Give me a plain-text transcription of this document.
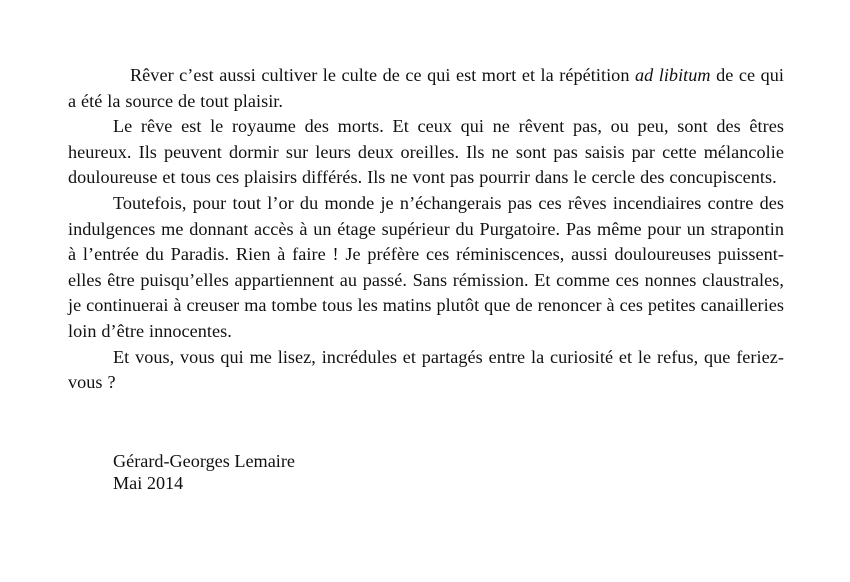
Rêver c’est aussi cultiver le culte de ce qui est mort et la répétition ad libitum de ce qui a été la source de tout plaisir.

Le rêve est le royaume des morts. Et ceux qui ne rêvent pas, ou peu, sont des êtres heureux. Ils peuvent dormir sur leurs deux oreilles. Ils ne sont pas saisis par cette mélancolie douloureuse et tous ces plaisirs différés. Ils ne vont pas pourrir dans le cercle des concupiscents.

Toutefois, pour tout l’or du monde je n’échangerais pas ces rêves incendiaires contre des indulgences me donnant accès à un étage supérieur du Purgatoire. Pas même pour un strapontin à l’entrée du Paradis. Rien à faire ! Je préfère ces réminiscences, aussi douloureuses puissent-elles être puisqu’elles appartiennent au passé. Sans rémission. Et comme ces nonnes claustrales, je continuerai à creuser ma tombe tous les matins plutôt que de renoncer à ces petites canailleries loin d’être innocentes.

Et vous, vous qui me lisez, incrédules et partagés entre la curiosité et le refus, que feriez-vous ?

Gérard-Georges Lemaire
Mai 2014
